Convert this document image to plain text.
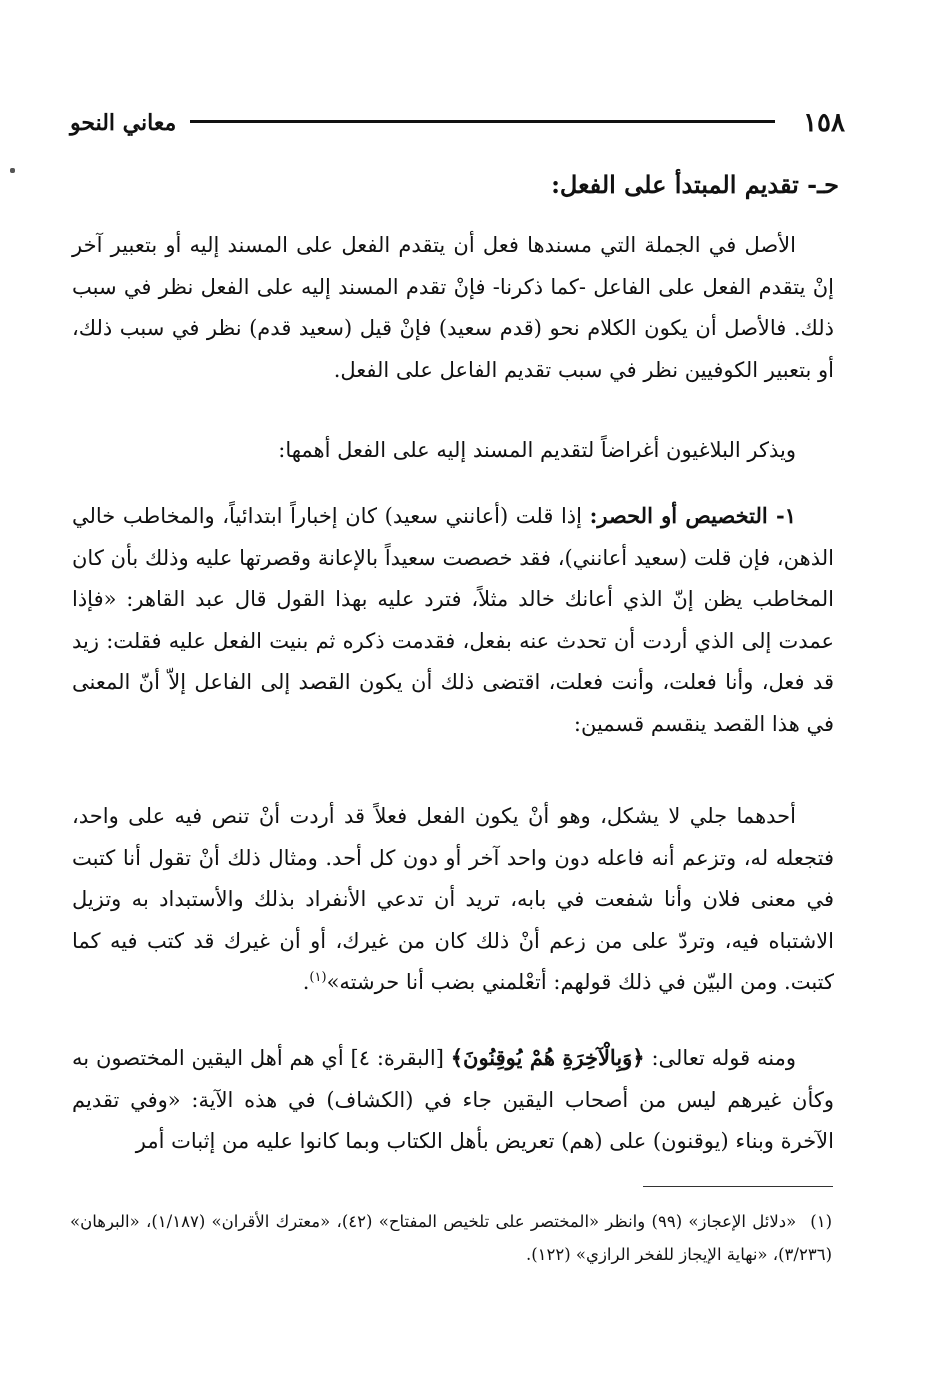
١٥٨
معاني النحو
حـ- تقديم المبتدأ على الفعل:

الأصل في الجملة التي مسندها فعل أن يتقدم الفعل على المسند إليه أو بتعبير آخر إنْ يتقدم الفعل على الفاعل -كما ذكرنا- فإنْ تقدم المسند إليه على الفعل نظر في سبب ذلك. فالأصل أن يكون الكلام نحو (قدم سعيد) فإنْ قيل (سعيد قدم) نظر في سبب ذلك، أو بتعبير الكوفيين نظر في سبب تقديم الفاعل على الفعل.

ويذكر البلاغيون أغراضاً لتقديم المسند إليه على الفعل أهمها:

١- التخصيص أو الحصر: إذا قلت (أعانني سعيد) كان إخباراً ابتدائياً، والمخاطب خالي الذهن، فإن قلت (سعيد أعانني)، فقد خصصت سعيداً بالإعانة وقصرتها عليه وذلك بأن كان المخاطب يظن إنّ الذي أعانك خالد مثلاً، فترد عليه بهذا القول قال عبد القاهر: «فإذا عمدت إلى الذي أردت أن تحدث عنه بفعل، فقدمت ذكره ثم بنيت الفعل عليه فقلت: زيد قد فعل، وأنا فعلت، وأنت فعلت، اقتضى ذلك أن يكون القصد إلى الفاعل إلاّ أنّ المعنى في هذا القصد ينقسم قسمين:

أحدهما جلي لا يشكل، وهو أنْ يكون الفعل فعلاً قد أردت أنْ تنص فيه على واحد، فتجعله له، وتزعم أنه فاعله دون واحد آخر أو دون كل أحد. ومثال ذلك أنْ تقول أنا كتبت في معنى فلان وأنا شفعت في بابه، تريد أن تدعي الأنفراد بذلك والأستبداد به وتزيل الاشتباه فيه، وتردّ على من زعم أنْ ذلك كان من غيرك، أو أن غيرك قد كتب فيه كما كتبت. ومن البيّن في ذلك قولهم: أتعْلمني بضب أنا حرشته»$^{(١)}$.

ومنه قوله تعالى: ﴿وَبِالْآخِرَةِ هُمْ يُوقِنُونَ﴾ [البقرة: ٤] أي هم أهل اليقين المختصون به وكأن غيرهم ليس من أصحاب اليقين جاء في (الكشاف) في هذه الآية: «وفي تقديم الآخرة وبناء (يوقنون) على (هم) تعريض بأهل الكتاب وبما كانوا عليه من إثبات أمر

(١)«دلائل الإعجاز» (٩٩) وانظر «المختصر على تلخيص المفتاح» (٤٢)، «معترك الأقران» (١/١٨٧)، «البرهان» (٣/٢٣٦)، «نهاية الإيجاز للفخر الرازي» (١٢٢).
